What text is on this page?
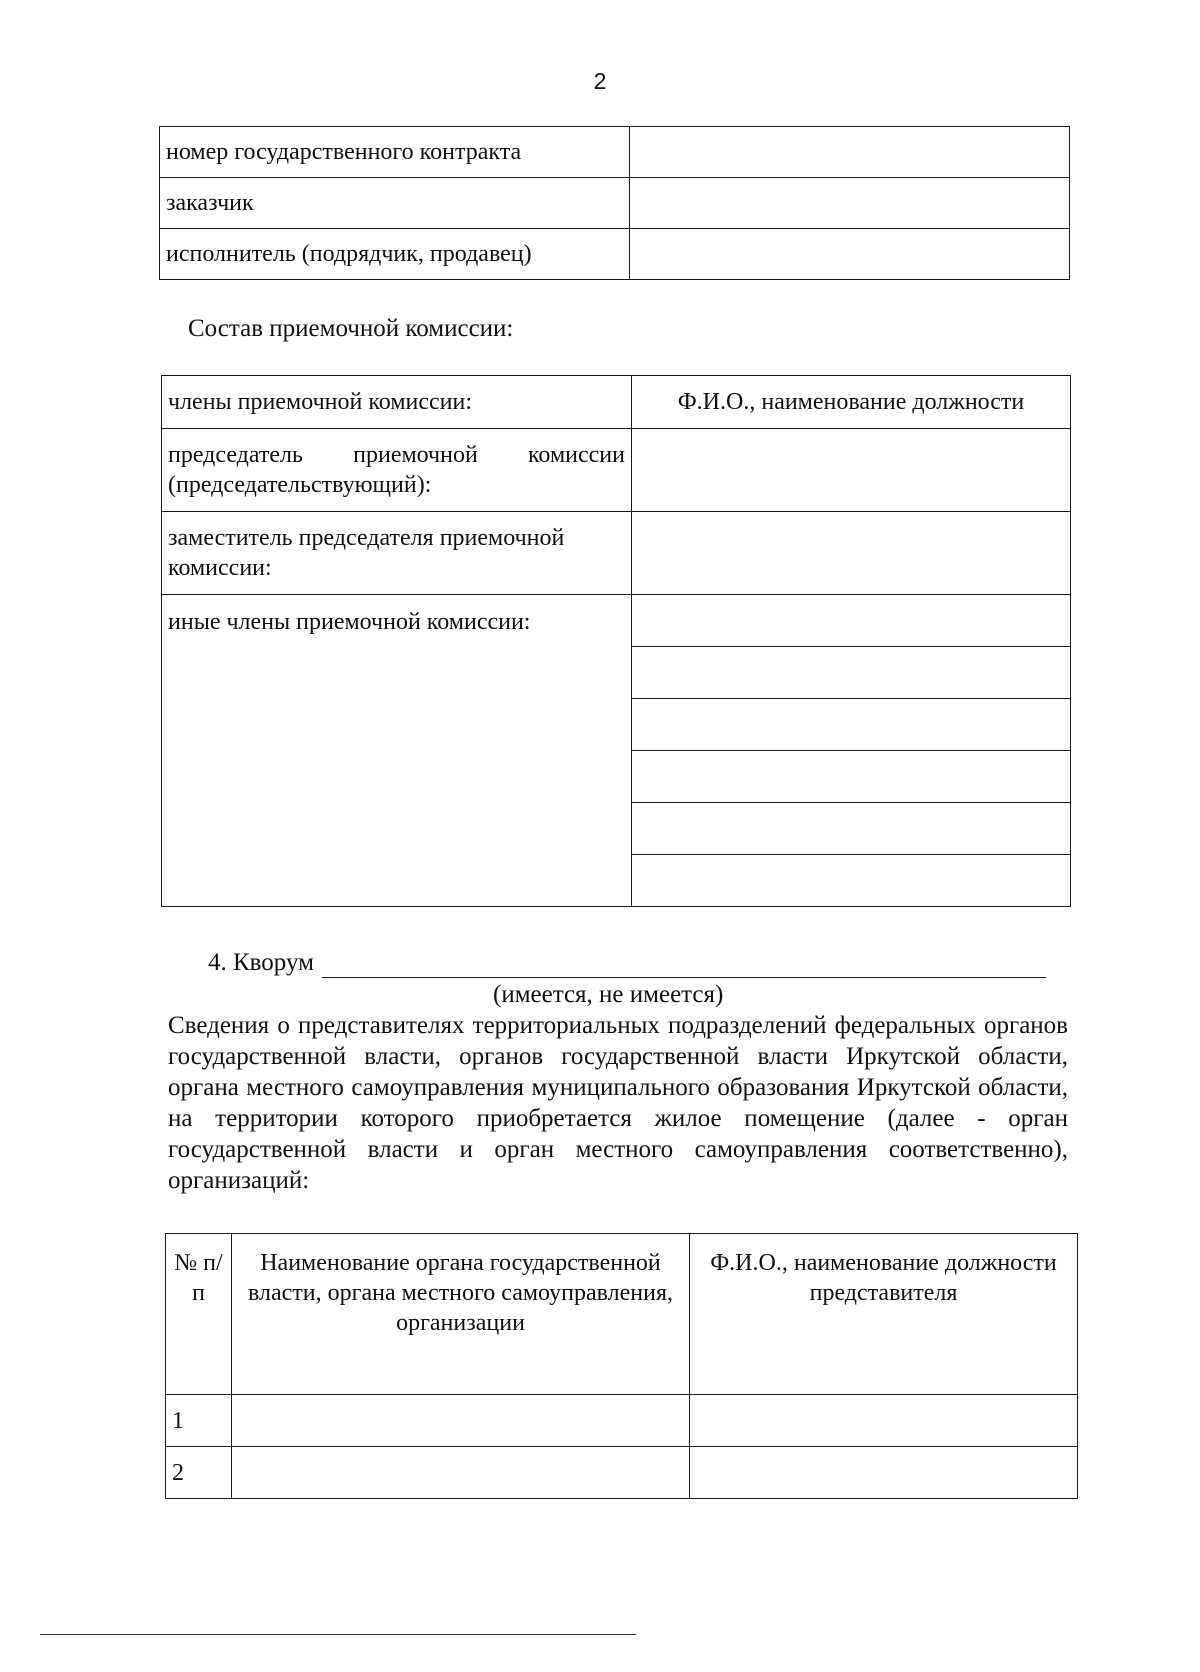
2
номер государственного контракта	
заказчик	
исполнитель (подрядчик, продавец)	
Состав приемочной комиссии:
члены приемочной комиссии:	Ф.И.О., наименование должности
председатель приемочной комиссии (председательствующий):	
заместитель председателя приемочной комиссии:	
иные члены приемочной комиссии:	

4. Кворум
(имеется, не имеется)
Сведения о представителях территориальных подразделений федеральных органов государственной власти, органов государственной власти Иркутской области, органа местного самоуправления муниципального образования Иркутской области, на территории которого приобретается жилое помещение (далее - орган государственной власти и орган местного самоуправления соответственно), организаций:
№ п/п	Наименование органа государственной власти, органа местного самоуправления, организации	Ф.И.О., наименование должности представителя
1		
2		
